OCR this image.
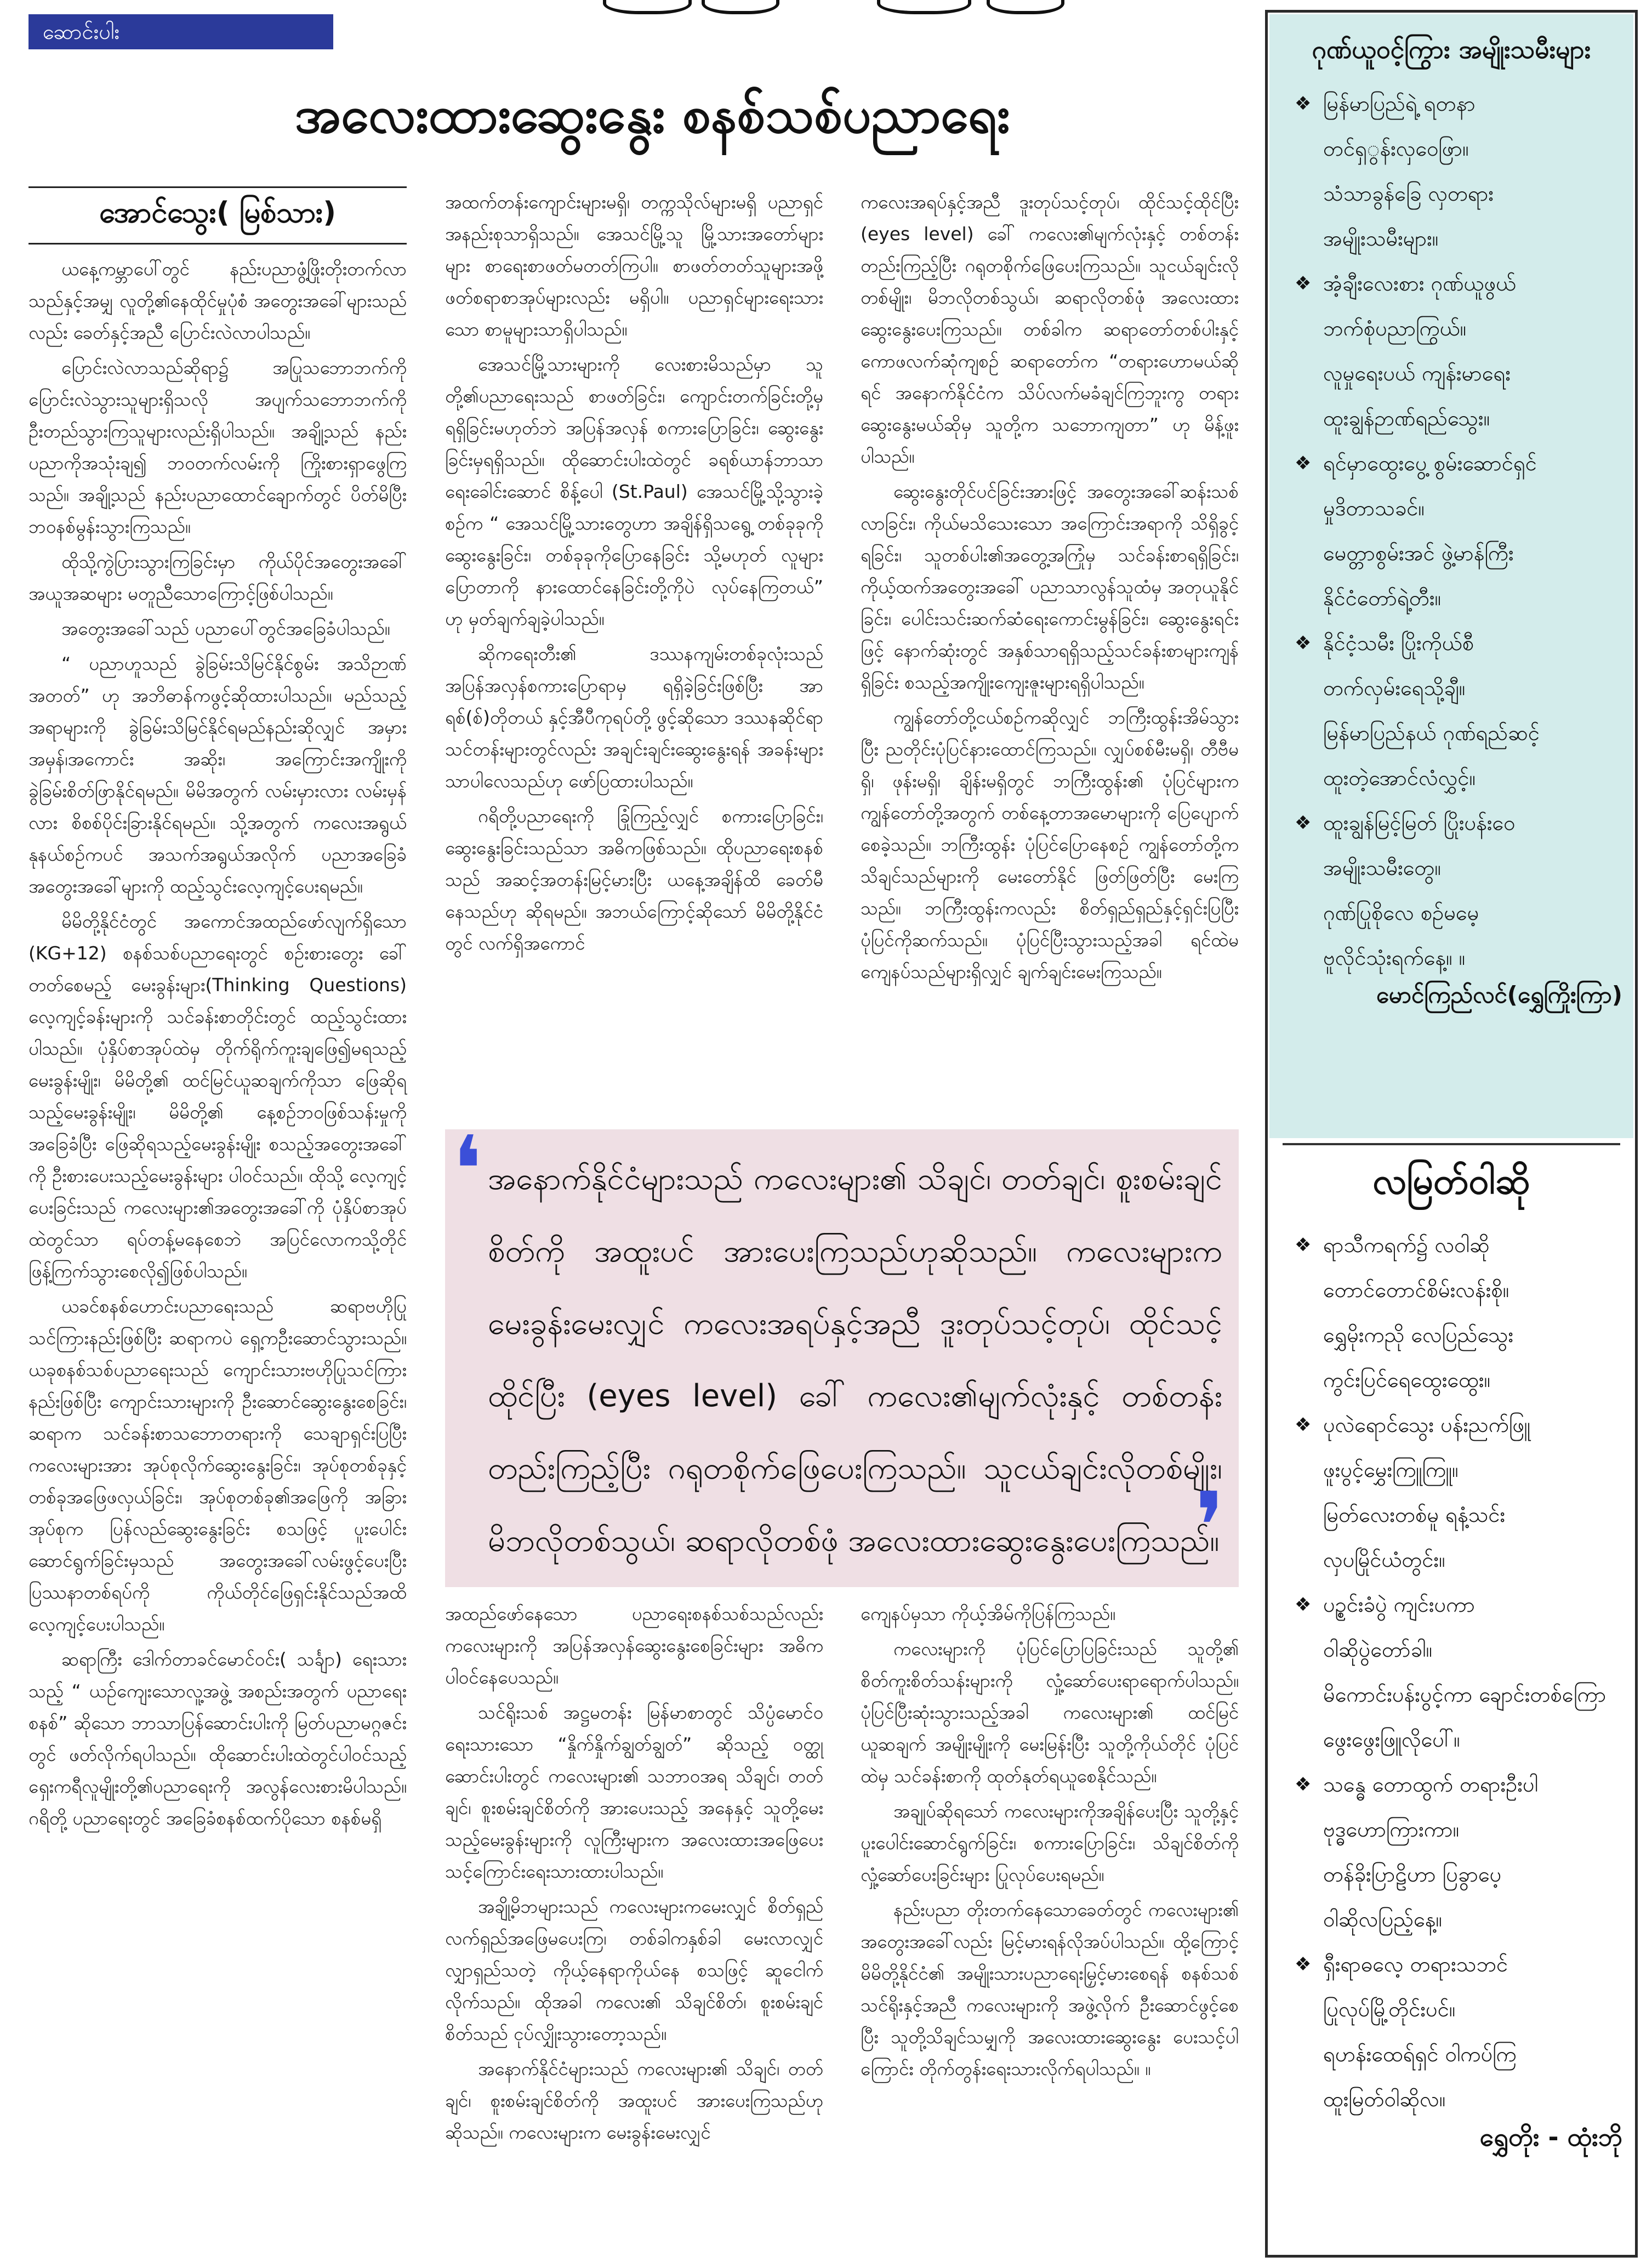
ဆောင်းပါး
အလေးထားဆွေးနွေး စနစ်သစ်ပညာရေး
အောင်သွေး( မြစ်သား)

ယနေ့ကမ္ဘာပေါ်တွင် နည်းပညာဖွံ့ဖြိုးတိုးတက်လာသည်နှင့်အမျှ လူတို့၏နေထိုင်မှုပုံစံ အတွေးအခေါ်များသည်လည်း ခေတ်နှင့်အညီ ပြောင်းလဲလာပါသည်။

ပြောင်းလဲလာသည်ဆိုရာ၌ အပြုသဘောဘက်ကို ပြောင်းလဲသွားသူများရှိသလို အပျက်သဘောဘက်ကို ဦးတည်သွားကြသူများလည်းရှိပါသည်။ အချို့သည် နည်းပညာကိုအသုံးချ၍ ဘဝတက်လမ်းကို ကြိုးစားရှာဖွေကြသည်။ အချို့သည် နည်းပညာထောင်ချောက်တွင် ပိတ်မိပြီး ဘဝနစ်မွန်းသွားကြသည်။

ထိုသို့ကွဲပြားသွားကြခြင်းမှာ ကိုယ်ပိုင်အတွေးအခေါ် အယူအဆများ မတူညီသောကြောင့်ဖြစ်ပါသည်။

အတွေးအခေါ်သည် ပညာပေါ်တွင်အခြေခံပါသည်။

“ ပညာဟူသည် ခွဲခြမ်းသိမြင်နိုင်စွမ်း အသိဉာဏ်အတတ်” ဟု အဘိဓာန်ကဖွင့်ဆိုထားပါသည်။ မည်သည့်အရာများကို ခွဲခြမ်းသိမြင်နိုင်ရမည်နည်းဆိုလျှင် အမှား အမှန်၊အကောင်း အဆိုး၊ အကြောင်းအကျိုးကို ခွဲခြမ်းစိတ်ဖြာနိုင်ရမည်။ မိမိအတွက် လမ်းမှားလား လမ်းမှန်လား စိစစ်ပိုင်းခြားနိုင်ရမည်။ သို့အတွက် ကလေးအရွယ် နုနယ်စဉ်ကပင် အသက်အရွယ်အလိုက် ပညာအခြေခံ အတွေးအခေါ်များကို ထည့်သွင်းလေ့ကျင့်ပေးရမည်။

မိမိတို့နိုင်ငံတွင် အကောင်အထည်ဖော်လျက်ရှိသော (KG+12) စနစ်သစ်ပညာရေးတွင် စဉ်းစားတွေး ခေါ်တတ်စေမည့် မေးခွန်းများ(Thinking Questions) လေ့ကျင့်ခန်းများကို သင်ခန်းစာတိုင်းတွင် ထည့်သွင်းထားပါသည်။ ပုံနှိပ်စာအုပ်ထဲမှ တိုက်ရိုက်ကူးချဖြေ၍မရသည့် မေးခွန်းမျိုး၊ မိမိတို့၏ ထင်မြင်ယူဆချက်ကိုသာ ဖြေဆိုရသည့်မေးခွန်းမျိုး၊ မိမိတို့၏ နေ့စဉ်ဘဝဖြစ်သန်းမှုကို အခြေခံပြီး ဖြေဆိုရသည့်မေးခွန်းမျိုး စသည့်အတွေးအခေါ်ကို ဦးစားပေးသည့်မေးခွန်းများ ပါဝင်သည်။ ထိုသို့ လေ့ကျင့်ပေးခြင်းသည် ကလေးများ၏အတွေးအခေါ်ကို ပုံနှိပ်စာအုပ်ထဲတွင်သာ ရပ်တန့်မနေစေဘဲ အပြင်လောကသို့တိုင်ဖြန့်ကြက်သွားစေလို၍ဖြစ်ပါသည်။

ယခင်စနစ်ဟောင်းပညာရေးသည် ဆရာဗဟိုပြုသင်ကြားနည်းဖြစ်ပြီး ဆရာကပဲ ရှေ့ကဦးဆောင်သွားသည်။ ယခုစနစ်သစ်ပညာရေးသည် ကျောင်းသားဗဟိုပြုသင်ကြားနည်းဖြစ်ပြီး ကျောင်းသားများကို ဦးဆောင်ဆွေးနွေးစေခြင်း၊ ဆရာက သင်ခန်းစာသဘောတရားကို သေချာရှင်းပြပြီး ကလေးများအား အုပ်စုလိုက်ဆွေးနွေးခြင်း၊ အုပ်စုတစ်ခုနှင့်တစ်ခုအဖြေဖလှယ်ခြင်း၊ အုပ်စုတစ်ခု၏အဖြေကို အခြားအုပ်စုက ပြန်လည်ဆွေးနွေးခြင်း စသဖြင့် ပူးပေါင်းဆောင်ရွက်ခြင်းမှသည် အတွေးအခေါ်လမ်းဖွင့်ပေးပြီး ပြဿနာတစ်ရပ်ကို ကိုယ်တိုင်ဖြေရှင်းနိုင်သည်အထိ လေ့ကျင့်ပေးပါသည်။

ဆရာကြီး ဒေါက်တာခင်မောင်ဝင်း( သင်္ချာ) ရေးသားသည့် “ ယဉ်ကျေးသောလူ့အဖွဲ့ အစည်းအတွက် ပညာရေးစနစ်” ဆိုသော ဘာသာပြန်ဆောင်းပါးကို မြတ်ပညာမဂ္ဂဇင်းတွင် ဖတ်လိုက်ရပါသည်။ ထိုဆောင်းပါးထဲတွင်ပါဝင်သည့် ရှေးကရီလူမျိုးတို့၏ပညာရေးကို အလွန်လေးစားမိပါသည်။ ဂရိတို့ ပညာရေးတွင် အခြေခံစနစ်ထက်ပိုသော စနစ်မရှိ

အထက်တန်းကျောင်းများမရှိ၊ တက္ကသိုလ်များမရှိ ပညာရှင်အနည်းစုသာရှိသည်။ အေသင်မြို့သူ မြို့သားအတော်များများ စာရေးစာဖတ်မတတ်ကြပါ။ စာဖတ်တတ်သူများအဖို့ ဖတ်စရာစာအုပ်များလည်း မရှိပါ။ ပညာရှင်များရေးသားသော စာမူများသာရှိပါသည်။

အေသင်မြို့သားများကို လေးစားမိသည်မှာ သူတို့၏ပညာရေးသည် စာဖတ်ခြင်း၊ ကျောင်းတက်ခြင်းတို့မှ ရရှိခြင်းမဟုတ်ဘဲ အပြန်အလှန် စကားပြောခြင်း၊ ဆွေးနွေးခြင်းမှရရှိသည်။ ထိုဆောင်းပါးထဲတွင် ခရစ်ယာန်ဘာသာရေးခေါင်းဆောင် စိန့်ပေါ (St.Paul) အေသင်မြို့သို့သွားခဲ့စဉ်က “ အေသင်မြို့သားတွေဟာ အချိန်ရှိသရွေ့ တစ်ခုခုကိုဆွေးနွေးခြင်း၊ တစ်ခုခုကိုပြောနေခြင်း သို့မဟုတ် လူများပြောတာကို နားထောင်နေခြင်းတို့ကိုပဲ လုပ်နေကြတယ်” ဟု မှတ်ချက်ချခဲ့ပါသည်။

ဆိုကရေးတီး၏ ဒဿနကျမ်းတစ်ခုလုံးသည် အပြန်အလှန်စကားပြောရာမှ ရရှိခဲ့ခြင်းဖြစ်ပြီး အာရစ်(စ်)တိုတယ် နှင့်အီပီကုရပ်တို့ ဖွင့်ဆိုသော ဒဿနဆိုင်ရာ သင်တန်းများတွင်လည်း အချင်းချင်းဆွေးနွေးရန် အခန်းများသာပါလေသည်ဟု ဖော်ပြထားပါသည်။

ဂရိတို့ပညာရေးကို ခြုံကြည့်လျှင် စကားပြောခြင်း၊ဆွေးနွေးခြင်းသည်သာ အဓိကဖြစ်သည်။ ထိုပညာရေးစနစ်သည် အဆင့်အတန်းမြင့်မားပြီး ယနေ့အချိန်ထိ ခေတ်မီနေသည်ဟု ဆိုရမည်။ အဘယ်ကြောင့်ဆိုသော် မိမိတို့နိုင်ငံတွင် လက်ရှိအကောင်

ကလေးအရပ်နှင့်အညီ ဒူးတုပ်သင့်တုပ်၊ ထိုင်သင့်ထိုင်ပြီး (eyes level) ခေါ် ကလေး၏မျက်လုံးနှင့် တစ်တန်းတည်းကြည့်ပြီး ဂရုတစိုက်ဖြေပေးကြသည်။ သူငယ်ချင်းလိုတစ်မျိုး၊ မိဘလိုတစ်သွယ်၊ ဆရာလိုတစ်ဖုံ အလေးထား ဆွေးနွေးပေးကြသည်။ တစ်ခါက ဆရာတော်တစ်ပါးနှင့် ကောဖလက်ဆုံကျစဉ် ဆရာတော်က “တရားဟောမယ်ဆိုရင် အနောက်နိုင်ငံက သိပ်လက်မခံချင်ကြဘူးကွ တရားဆွေးနွေးမယ်ဆိုမှ သူတို့က သဘောကျတာ” ဟု မိန့်ဖူးပါသည်။

ဆွေးနွေးတိုင်ပင်ခြင်းအားဖြင့် အတွေးအခေါ်ဆန်းသစ်လာခြင်း၊ ကိုယ်မသိသေးသော အကြောင်းအရာကို သိရှိခွင့်ရခြင်း၊ သူတစ်ပါး၏အတွေ့အကြုံမှ သင်ခန်းစာရရှိခြင်း၊ ကိုယ့်ထက်အတွေးအခေါ် ပညာသာလွန်သူထံမှ အတုယူနိုင်ခြင်း၊ ပေါင်းသင်းဆက်ဆံရေးကောင်းမွန်ခြင်း၊ ဆွေးနွေးရင်းဖြင့် နောက်ဆုံးတွင် အနှစ်သာရရှိသည့်သင်ခန်းစာများကျန်ရှိခြင်း စသည့်အကျိုးကျေးဇူးများရရှိပါသည်။

ကျွန်တော်တို့ငယ်စဉ်ကဆိုလျှင် ဘကြီးထွန်းအိမ်သွားပြီး ညတိုင်းပုံပြင်နားထောင်ကြသည်။ လျှပ်စစ်မီးမရှိ၊ တီဗီမရှိ၊ ဖုန်းမရှိ၊ ချိန်းမရှိတွင် ဘကြီးထွန်း၏ ပုံပြင်များက ကျွန်တော်တို့အတွက် တစ်နေ့တာအမောများကို ပြေပျောက်စေခဲ့သည်။ ဘကြီးထွန်း ပုံပြင်ပြောနေစဉ် ကျွန်တော်တို့က သိချင်သည်များကို မေးတော်နိုင် ဖြတ်ဖြတ်ပြီး မေးကြသည်။ ဘကြီးထွန်းကလည်း စိတ်ရှည်ရှည်နှင့်ရှင်းပြပြီး ပုံပြင်ကိုဆက်သည်။ ပုံပြင်ပြီးသွားသည့်အခါ ရင်ထဲမကျေနပ်သည်များရှိလျှင် ချက်ချင်းမေးကြသည်။

❛ အနောက်နိုင်ငံများသည် ကလေးများ၏ သိချင်၊ တတ်ချင်၊ စူးစမ်းချင်စိတ်ကို အထူးပင် အားပေးကြသည်ဟုဆိုသည်။ ကလေးများက မေးခွန်းမေးလျှင် ကလေးအရပ်နှင့်အညီ ဒူးတုပ်သင့်တုပ်၊ ထိုင်သင့် ထိုင်ပြီး (eyes level) ခေါ် ကလေး၏မျက်လုံးနှင့် တစ်တန်းတည်းကြည့်ပြီး ဂရုတစိုက်ဖြေပေးကြသည်။ သူငယ်ချင်းလိုတစ်မျိုး၊ မိဘလိုတစ်သွယ်၊ ဆရာလိုတစ်ဖုံ အလေးထားဆွေးနွေးပေးကြသည်။
❜

အထည်ဖော်နေသော ပညာရေးစနစ်သစ်သည်လည်း ကလေးများကို အပြန်အလှန်ဆွေးနွေးစေခြင်းများ အဓိကပါဝင်နေပေသည်။

သင်ရိုးသစ် အဋ္ဌမတန်း မြန်မာစာတွင် သိပ္ပံမောင်ဝ ရေးသားသော “နှိုက်နှိုက်ချွတ်ချွတ်” ဆိုသည့် ဝတ္ထုဆောင်းပါးတွင် ကလေးများ၏ သဘာဝအရ သိချင်၊ တတ်ချင်၊ စူးစမ်းချင်စိတ်ကို အားပေးသည့် အနေနှင့် သူတို့မေးသည့်မေးခွန်းများကို လူကြီးများက အလေးထားအဖြေပေးသင့်ကြောင်းရေးသားထားပါသည်။

အချို့မိဘများသည် ကလေးများကမေးလျှင် စိတ်ရှည်လက်ရှည်အဖြေမပေးကြ၊ တစ်ခါကနှစ်ခါ မေးလာလျှင် လျှာရှည်သတဲ့ ကိုယ့်နေရာကိုယ်နေ စသဖြင့် ဆူငေါက်လိုက်သည်။ ထိုအခါ ကလေး၏ သိချင်စိတ်၊ စူးစမ်းချင်စိတ်သည် ငုပ်လျှိုးသွားတော့သည်။

အနောက်နိုင်ငံများသည် ကလေးများ၏ သိချင်၊ တတ်ချင်၊ စူးစမ်းချင်စိတ်ကို အထူးပင် အားပေးကြသည်ဟုဆိုသည်။ ကလေးများက မေးခွန်းမေးလျှင်

ကျေနပ်မှသာ ကိုယ့်အိမ်ကိုပြန်ကြသည်။

ကလေးများကို ပုံပြင်ပြောပြခြင်းသည် သူတို့၏ စိတ်ကူးစိတ်သန်းများကို လှုံ့ဆော်ပေးရာရောက်ပါသည်။ ပုံပြင်ပြီးဆုံးသွားသည့်အခါ ကလေးများ၏ ထင်မြင်ယူဆချက် အမျိုးမျိုးကို မေးမြန်းပြီး သူတို့ကိုယ်တိုင် ပုံပြင်ထဲမှ သင်ခန်းစာကို ထုတ်နုတ်ရယူစေနိုင်သည်။

အချုပ်ဆိုရသော် ကလေးများကိုအချိန်ပေးပြီး သူတို့နှင့်ပူးပေါင်းဆောင်ရွက်ခြင်း၊ စကားပြောခြင်း၊ သိချင်စိတ်ကို လှုံ့ဆော်ပေးခြင်းများ ပြုလုပ်ပေးရမည်။

နည်းပညာ တိုးတက်နေသောခေတ်တွင် ကလေးများ၏ အတွေးအခေါ်လည်း မြင့်မားရန်လိုအပ်ပါသည်။ ထို့ကြောင့် မိမိတို့နိုင်ငံ၏ အမျိုးသားပညာရေးမြှင့်မားစေရန် စနစ်သစ်သင်ရိုးနှင့်အညီ ကလေးများကို အဖွဲ့လိုက် ဦးဆောင်ဖွင့်စေပြီး သူတို့သိချင်သမျှကို အလေးထားဆွေးနွေး ပေးသင့်ပါကြောင်း တိုက်တွန်းရေးသားလိုက်ရပါသည်။ ။

ဂုဏ်ယူဝင့်ကြွား အမျိုးသမီးများ
❖ မြန်မာပြည်ရဲ့ ရတနာ
တင်ရှွန်းလှဝေဖြာ။
သံသာခွန်ခြေ လှတရား
အမျိုးသမီးများ။
❖ အံ့ချီးလေးစား ဂုဏ်ယူဖွယ်
ဘက်စုံပညာကြွယ်။
လူမှုရေးပယ် ကျန်းမာရေး
ထူးချွန်ဉာဏ်ရည်သွေး။
❖ ရင်မှာထွေးပွေ့ စွမ်းဆောင်ရှင်
မှုဒိတာသခင်။
မေတ္တာစွမ်းအင် ဖွဲ့မာန်ကြီး
နိုင်ငံတော်ရဲ့တီး။
❖ နိုင်ငံ့သမီး ပြိုးကိုယ်စီ
တက်လှမ်းရေသို့ချီ။
မြန်မာပြည်နယ် ဂုဏ်ရည်ဆင့်
ထူးတဲ့အောင်လံလွှင့်။
❖ ထူးချွန်မြင့်မြတ် ပြိုးပန်းဝေ
အမျိုးသမီးတွေ။
ဂုဏ်ပြုစိုလေ စဉ်မမေ့
ဗူလိုင်သုံးရက်နေ့။ ။
မောင်ကြည်လင်(ရွှေကြိုးကြာ)
လမြတ်ဝါဆို
❖ ရာသီကရက်၌ လဝါဆို
တောင်တောင်စိမ်းလန်းစို။
ရွှေမိုးကညို လေပြည်သွေး
ကွင်းပြင်ရေထွေးထွေး။
❖ ပုလဲရောင်သွေး ပန်းညက်ဖြူ
ဖူးပွင့်မွှေးကြူကြူ။
မြတ်လေးတစ်မူ ရနံ့သင်း
လှပမြိုင်ယံတွင်း။
❖ ပဥ္စင်းခံပွဲ ကျင်းပကာ
ဝါဆိုပွဲတော်ခါ။
မိကောင်းပန်းပွင့်ကာ ချောင်းတစ်ကြော
ဖွေးဖွေးဖြူလိုပေါ်။
❖ သန္ဓေ တောထွက် တရားဦးပါ
ဗုဒ္ဓဟောကြားကာ။
တန်ခိုးပြာဠိဟာ ပြခွာပေ့
ဝါဆိုလပြည့်နေ့။
❖ ရှီးရာဓလေ့ တရားသဘင်
ပြုလုပ်မြို့တိုင်းပင်။
ရဟန်းထေရ်ရှင် ဝါကပ်ကြ
ထူးမြတ်ဝါဆိုလ။
ရွှေတိုး - ထုံးဘို
